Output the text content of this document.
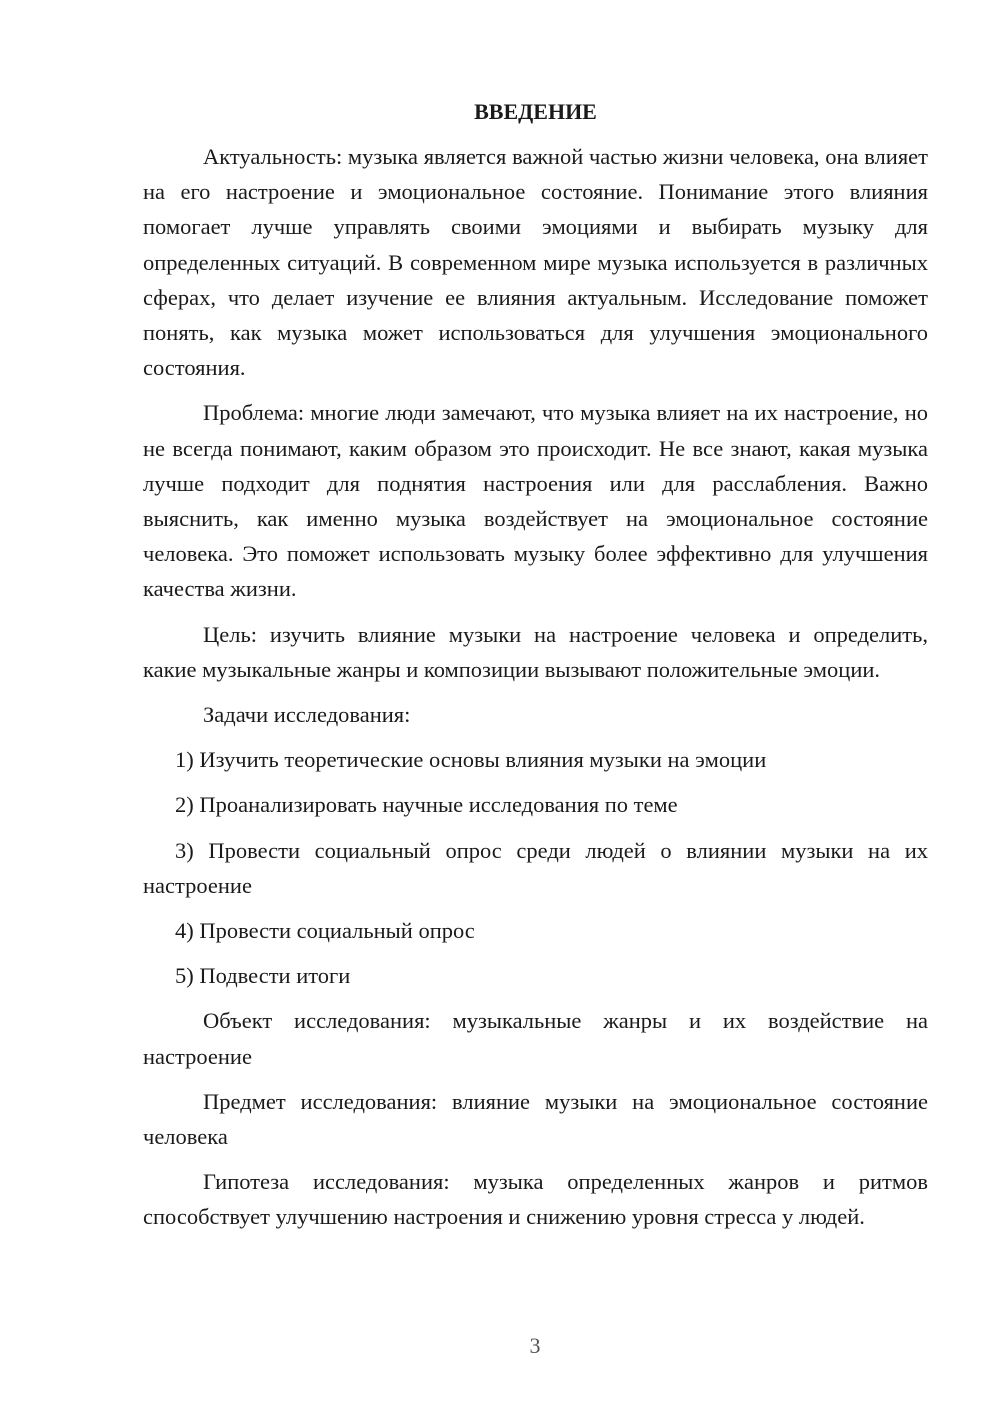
ВВЕДЕНИЕ

Актуальность: музыка является важной частью жизни человека, она влияет на его настроение и эмоциональное состояние. Понимание этого влияния помогает лучше управлять своими эмоциями и выбирать музыку для определенных ситуаций. В современном мире музыка используется в различных сферах, что делает изучение ее влияния актуальным. Исследование поможет понять, как музыка может использоваться для улучшения эмоционального состояния.

Проблема: многие люди замечают, что музыка влияет на их настроение, но не всегда понимают, каким образом это происходит. Не все знают, какая музыка лучше подходит для поднятия настроения или для расслабления. Важно выяснить, как именно музыка воздействует на эмоциональное состояние человека. Это поможет использовать музыку более эффективно для улучшения качества жизни.

Цель: изучить влияние музыки на настроение человека и определить, какие музыкальные жанры и композиции вызывают положительные эмоции.

Задачи исследования:

1) Изучить теоретические основы влияния музыки на эмоции

2) Проанализировать научные исследования по теме

3) Провести социальный опрос среди людей о влиянии музыки на их настроение

4) Провести социальный опрос

5) Подвести итоги

Объект исследования: музыкальные жанры и их воздействие на настроение

Предмет исследования: влияние музыки на эмоциональное состояние человека

Гипотеза исследования: музыка определенных жанров и ритмов способствует улучшению настроения и снижению уровня стресса у людей.

3
